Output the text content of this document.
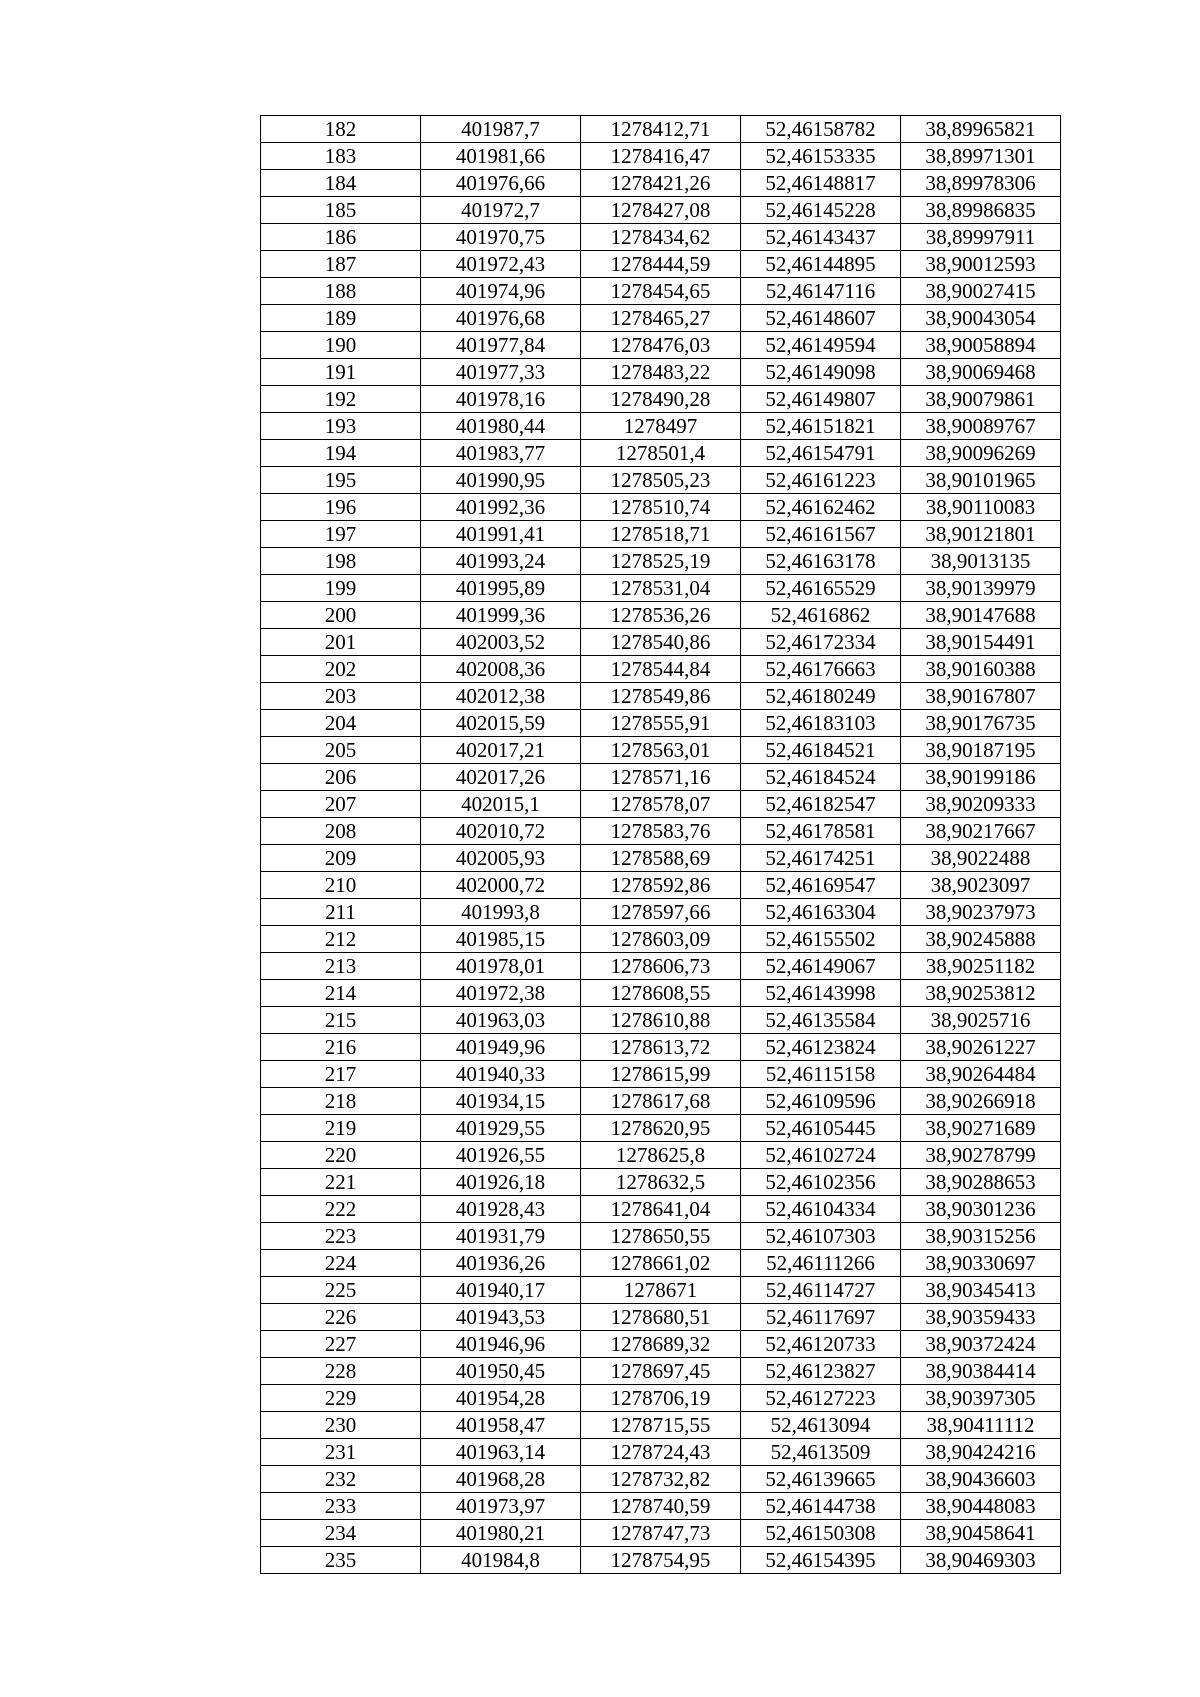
182	401987,7	1278412,71	52,46158782	38,89965821
183	401981,66	1278416,47	52,46153335	38,89971301
184	401976,66	1278421,26	52,46148817	38,89978306
185	401972,7	1278427,08	52,46145228	38,89986835
186	401970,75	1278434,62	52,46143437	38,89997911
187	401972,43	1278444,59	52,46144895	38,90012593
188	401974,96	1278454,65	52,46147116	38,90027415
189	401976,68	1278465,27	52,46148607	38,90043054
190	401977,84	1278476,03	52,46149594	38,90058894
191	401977,33	1278483,22	52,46149098	38,90069468
192	401978,16	1278490,28	52,46149807	38,90079861
193	401980,44	1278497	52,46151821	38,90089767
194	401983,77	1278501,4	52,46154791	38,90096269
195	401990,95	1278505,23	52,46161223	38,90101965
196	401992,36	1278510,74	52,46162462	38,90110083
197	401991,41	1278518,71	52,46161567	38,90121801
198	401993,24	1278525,19	52,46163178	38,9013135
199	401995,89	1278531,04	52,46165529	38,90139979
200	401999,36	1278536,26	52,4616862	38,90147688
201	402003,52	1278540,86	52,46172334	38,90154491
202	402008,36	1278544,84	52,46176663	38,90160388
203	402012,38	1278549,86	52,46180249	38,90167807
204	402015,59	1278555,91	52,46183103	38,90176735
205	402017,21	1278563,01	52,46184521	38,90187195
206	402017,26	1278571,16	52,46184524	38,90199186
207	402015,1	1278578,07	52,46182547	38,90209333
208	402010,72	1278583,76	52,46178581	38,90217667
209	402005,93	1278588,69	52,46174251	38,9022488
210	402000,72	1278592,86	52,46169547	38,9023097
211	401993,8	1278597,66	52,46163304	38,90237973
212	401985,15	1278603,09	52,46155502	38,90245888
213	401978,01	1278606,73	52,46149067	38,90251182
214	401972,38	1278608,55	52,46143998	38,90253812
215	401963,03	1278610,88	52,46135584	38,9025716
216	401949,96	1278613,72	52,46123824	38,90261227
217	401940,33	1278615,99	52,46115158	38,90264484
218	401934,15	1278617,68	52,46109596	38,90266918
219	401929,55	1278620,95	52,46105445	38,90271689
220	401926,55	1278625,8	52,46102724	38,90278799
221	401926,18	1278632,5	52,46102356	38,90288653
222	401928,43	1278641,04	52,46104334	38,90301236
223	401931,79	1278650,55	52,46107303	38,90315256
224	401936,26	1278661,02	52,46111266	38,90330697
225	401940,17	1278671	52,46114727	38,90345413
226	401943,53	1278680,51	52,46117697	38,90359433
227	401946,96	1278689,32	52,46120733	38,90372424
228	401950,45	1278697,45	52,46123827	38,90384414
229	401954,28	1278706,19	52,46127223	38,90397305
230	401958,47	1278715,55	52,4613094	38,90411112
231	401963,14	1278724,43	52,4613509	38,90424216
232	401968,28	1278732,82	52,46139665	38,90436603
233	401973,97	1278740,59	52,46144738	38,90448083
234	401980,21	1278747,73	52,46150308	38,90458641
235	401984,8	1278754,95	52,46154395	38,90469303
